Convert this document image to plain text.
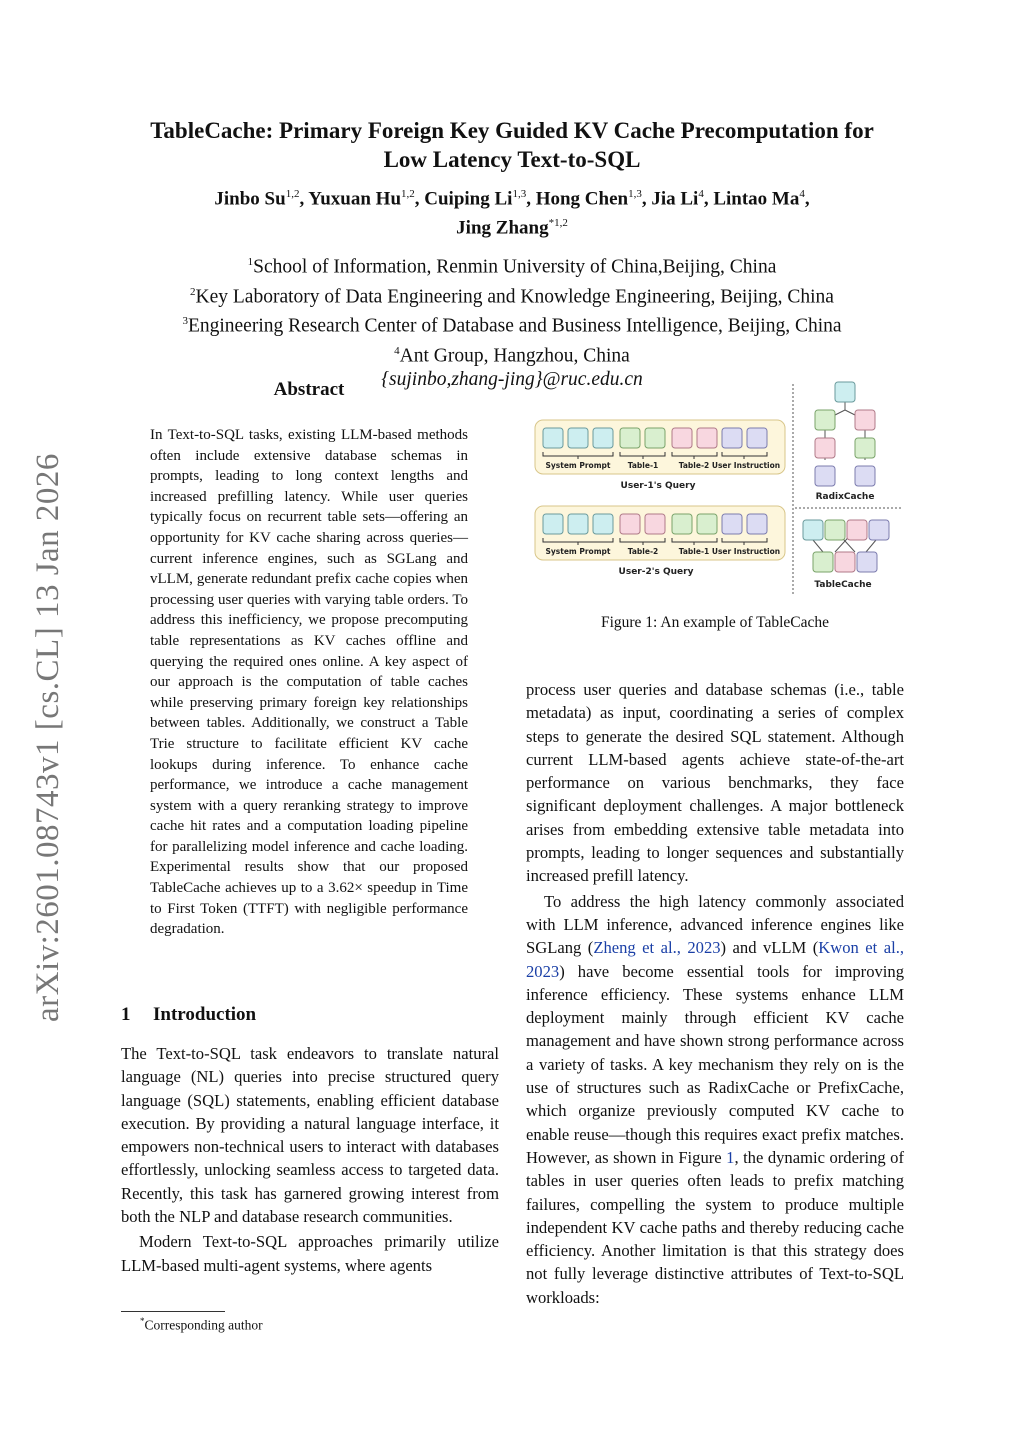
arXiv:2601.08743v1 [cs.CL] 13 Jan 2026
TableCache: Primary Foreign Key Guided KV Cache Precomputation for
Low Latency Text-to-SQL
Jinbo Su$^{1,2}$, Yuxuan Hu$^{1,2}$, Cuiping Li$^{1,3}$, Hong Chen$^{1,3}$, Jia Li$^4$, Lintao Ma$^4$,
Jing Zhang$^{*1,2}$
$^1$School of Information, Renmin University of China,Beijing, China
$^2$Key Laboratory of Data Engineering and Knowledge Engineering, Beijing, China
$^3$Engineering Research Center of Database and Business Intelligence, Beijing, China
$^4$Ant Group, Hangzhou, China
{sujinbo,zhang-jing}@ruc.edu.cn
Abstract
In Text-to-SQL tasks, existing LLM-based methods often include extensive database schemas in prompts, leading to long context lengths and increased prefilling latency. While user queries typically focus on recurrent table sets—offering an opportunity for KV cache sharing across queries—current inference engines, such as SGLang and vLLM, generate redundant prefix cache copies when processing user queries with varying table orders. To address this inefficiency, we propose precomputing table representations as KV caches offline and querying the required ones online. A key aspect of our approach is the computation of table caches while preserving primary foreign key relationships between tables. Additionally, we construct a Table Trie structure to facilitate efficient KV cache lookups during inference. To enhance cache performance, we introduce a cache management system with a query reranking strategy to improve cache hit rates and a computation loading pipeline for parallelizing model inference and cache loading. Experimental results show that our proposed TableCache achieves up to a 3.62× speedup in Time to First Token (TTFT) with negligible performance degradation.
1 Introduction

The Text-to-SQL task endeavors to translate natural language (NL) queries into precise structured query language (SQL) statements, enabling efficient database execution. By providing a natural language interface, it empowers non-technical users to interact with databases effortlessly, unlocking seamless access to targeted data. Recently, this task has garnered growing interest from both the NLP and database research communities.

Modern Text-to-SQL approaches primarily utilize LLM-based multi-agent systems, where agents

*Corresponding author
System Prompt Table-1	Table-2 User Instruction
User-1's Query
System Prompt Table-2	Table-1 User Instruction
User-2's Query
RadixCache
TableCache
Figure 1: An example of TableCache

process user queries and database schemas (i.e., table metadata) as input, coordinating a series of complex steps to generate the desired SQL statement. Although current LLM-based agents achieve state-of-the-art performance on various benchmarks, they face significant deployment challenges. A major bottleneck arises from embedding extensive table metadata into prompts, leading to longer sequences and substantially increased prefill latency.

To address the high latency commonly associated with LLM inference, advanced inference engines like SGLang (Zheng et al., 2023) and vLLM (Kwon et al., 2023) have become essential tools for improving inference efficiency. These systems enhance LLM deployment mainly through efficient KV cache management and have shown strong performance across a variety of tasks. A key mechanism they rely on is the use of structures such as RadixCache or PrefixCache, which organize previously computed KV cache to enable reuse—though this requires exact prefix matches. However, as shown in Figure 1, the dynamic ordering of tables in user queries often leads to prefix matching failures, compelling the system to produce multiple independent KV cache paths and thereby reducing cache efficiency. Another limitation is that this strategy does not fully leverage distinctive attributes of Text-to-SQL workloads:
